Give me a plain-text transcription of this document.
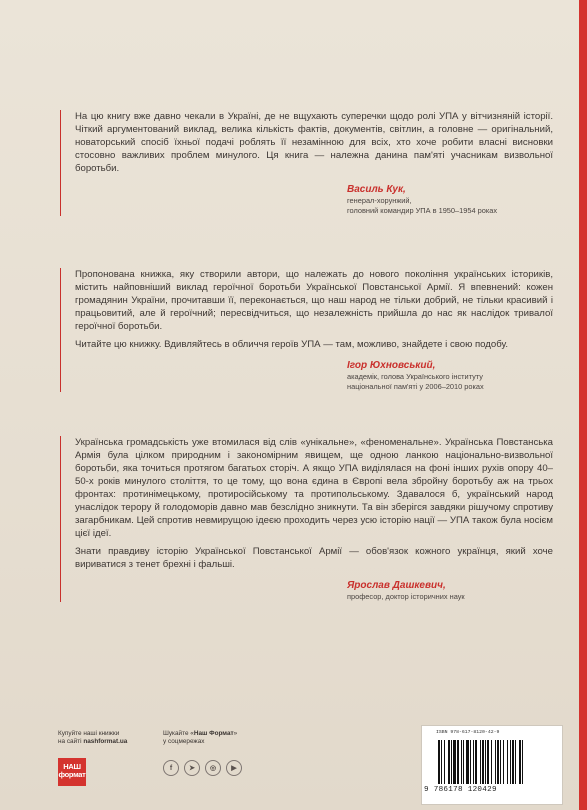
На цю книгу вже давно чекали в Україні, де не вщухають суперечки щодо ролі УПА у вітчизняній історії. Чіткий аргументований виклад, велика кількість фактів, документів, світлин, а головне — оригінальний, новаторський спосіб їхньої подачі роблять її незамінною для всіх, хто хоче робити власні висновки стосовно важливих проблем минулого. Ця книга — належна данина пам'яті учасникам визвольної боротьби.

Василь Кук,
генерал-хорунжий,
головний командир УПА в 1950–1954 роках

Пропонована книжка, яку створили автори, що належать до нового покоління українських істориків, містить найповніший виклад героїчної боротьби Української Повстанської Армії. Я впевнений: кожен громадянин України, прочитавши її, переконається, що наш народ не тільки добрий, не тільки красивий і працьовитий, але й героїчний; пересвідчиться, що незалежність прийшла до нас як наслідок тривалої героїчної боротьби.

Читайте цю книжку. Вдивляйтесь в обличчя героїв УПА — там, можливо, знайдете і свою подобу.

Ігор Юхновський,
академік, голова Українського інституту
національної пам'яті у 2006–2010 роках

Українська громадськість уже втомилася від слів «унікальне», «феноменальне». Українська Повстанська Армія була цілком природним і закономірним явищем, ще одною ланкою національно-визвольної боротьби, яка точиться протягом багатьох сторіч. А якщо УПА виділялася на фоні інших рухів опору 40–50-х років минулого століття, то це тому, що вона єдина в Європі вела збройну боротьбу аж на трьох фронтах: протинімецькому, протиросійському та протипольському. Здавалося б, український народ унаслідок терору й голодоморів давно мав безслідно зникнути. Та він зберігся завдяки рішучому спротиву загарбникам. Цей спротив невмирущою ідеєю проходить через усю історію нації — УПА також була носієм цієї ідеї.

Знати правдиву історію Української Повстанської Армії — обов'язок кожного українця, який хоче вириватися з тенет брехні і фальші.

Ярослав Дашкевич,
професор, доктор історичних наук
Купуйте наші книжки
на сайті nashformat.ua
НАШ
формат
Шукайте «Наш Формат»
у соцмережах
f	➤	◎	▶
ISBN 978-617-8120-42-9
9 786178 120429
